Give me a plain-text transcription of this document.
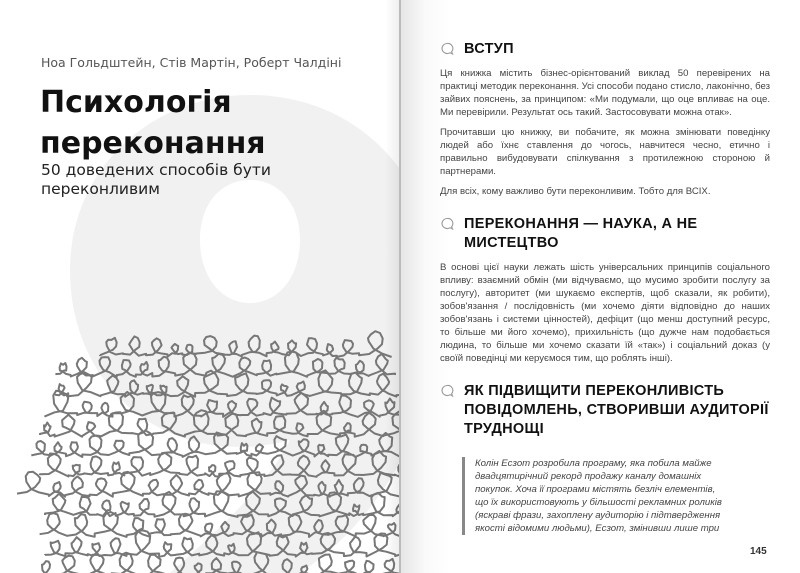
Ноа Гольдштейн, Стів Мартін, Роберт Чалдіні
Психологія
переконання
50 доведених способів бути
переконливим
ВСТУП

Ця книжка містить бізнес-орієнтований виклад 50 перевірених на практиці методик переконання. Усі способи подано стисло, лаконічно, без зайвих пояснень, за принципом: «Ми подумали, що оце впливає на оце. Ми перевірили. Результат ось такий. Застосовувати можна отак».

Прочитавши цю книжку, ви побачите, як можна змінювати поведінку людей або їхнє ставлення до чогось, навчитеся чесно, етично і правильно вибудовувати спілкування з протилежною стороною й партнерами.

Для всіх, кому важливо бути переконливим. Тобто для ВСІХ.

ПЕРЕКОНАННЯ — НАУКА, А НЕ МИСТЕЦТВО

В основі цієї науки лежать шість універсальних принципів соціального впливу: взаємний обмін (ми відчуваємо, що мусимо зробити послугу за послугу), авторитет (ми шукаємо експертів, щоб сказали, як робити), зобов'язання / послідовність (ми хочемо діяти відповідно до наших зобов'язань і системи цінностей), дефіцит (що менш доступний ресурс, то більше ми його хочемо), прихильність (що дужче нам подобається людина, то більше ми хочемо сказати їй «так») і соціальний доказ (у своїй поведінці ми керуємося тим, що роблять інші).

ЯК ПІДВИЩИТИ ПЕРЕКОНЛИВІСТЬ ПОВІДОМЛЕНЬ, СТВОРИВШИ АУДИТОРІЇ ТРУДНОЩІ
Колін Есзот розробила програму, яка побила майже двадцятирічний рекорд продажу каналу домашніх покупок. Хоча її програми містять безліч елементів, що їх використовують у більшості рекламних роликів (яскраві фрази, захоплену аудиторію і підтвердження якості відомими людьми), Есзот, змінивши лише три
145
